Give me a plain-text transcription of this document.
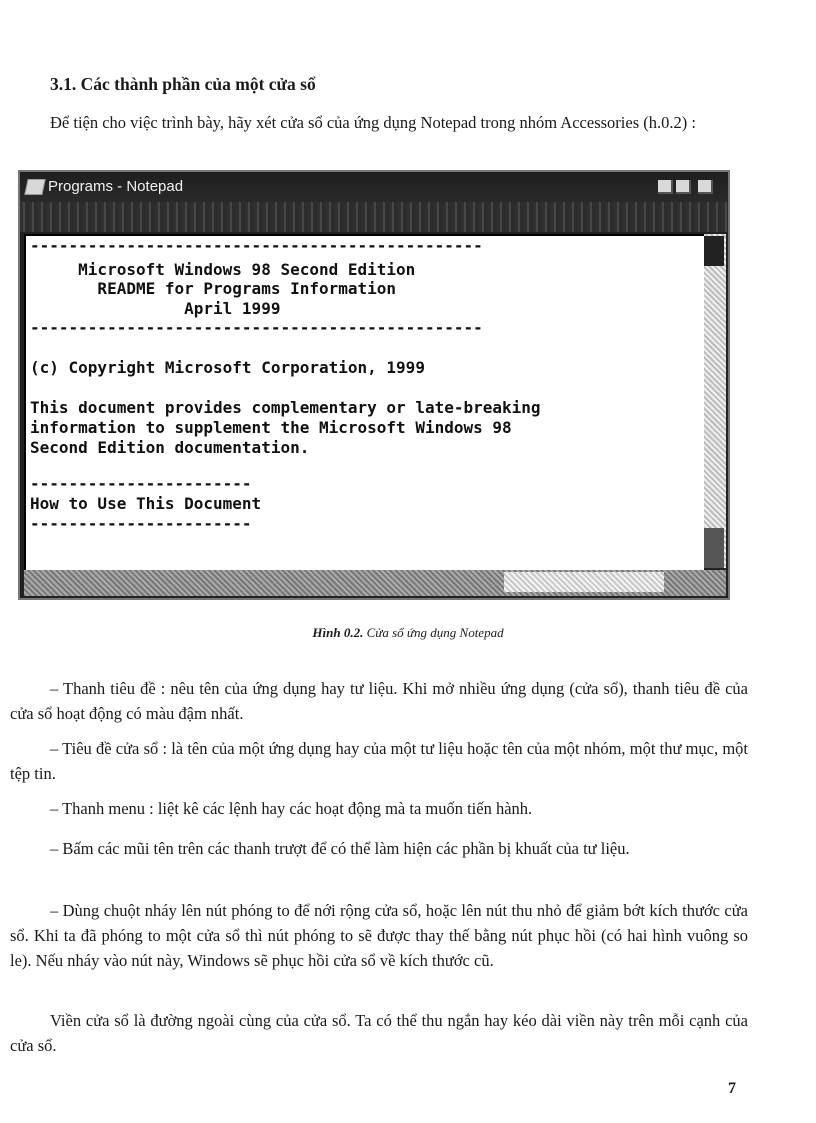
3.1. Các thành phần của một cửa sổ

Để tiện cho việc trình bày, hãy xét cửa sổ của ứng dụng Notepad trong nhóm Accessories (h.0.2) :

Programs - Notepad
-----------------------------------------------
Microsoft Windows 98 Second Edition
README for Programs Information
April 1999
-----------------------------------------------
(c) Copyright Microsoft Corporation, 1999
This document provides complementary or late-breaking
information to supplement the Microsoft Windows 98
Second Edition documentation.
-----------------------
How to Use This Document
-----------------------

Hình 0.2. Cửa sổ ứng dụng Notepad

– Thanh tiêu đề : nêu tên của ứng dụng hay tư liệu. Khi mở nhiều ứng dụng (cửa sổ), thanh tiêu đề của cửa sổ hoạt động có màu đậm nhất.

– Tiêu đề cửa sổ : là tên của một ứng dụng hay của một tư liệu hoặc tên của một nhóm, một thư mục, một tệp tin.

– Thanh menu : liệt kê các lệnh hay các hoạt động mà ta muốn tiến hành.

– Bấm các mũi tên trên các thanh trượt để có thể làm hiện các phần bị khuất của tư liệu.

– Dùng chuột nháy lên nút phóng to để nới rộng cửa sổ, hoặc lên nút thu nhỏ để giảm bớt kích thước cửa sổ. Khi ta đã phóng to một cửa sổ thì nút phóng to sẽ được thay thế bằng nút phục hồi (có hai hình vuông so le). Nếu nháy vào nút này, Windows sẽ phục hồi cửa sổ về kích thước cũ.

Viền cửa sổ là đường ngoài cùng của cửa sổ. Ta có thể thu ngắn hay kéo dài viền này trên mỗi cạnh của cửa sổ.

7
